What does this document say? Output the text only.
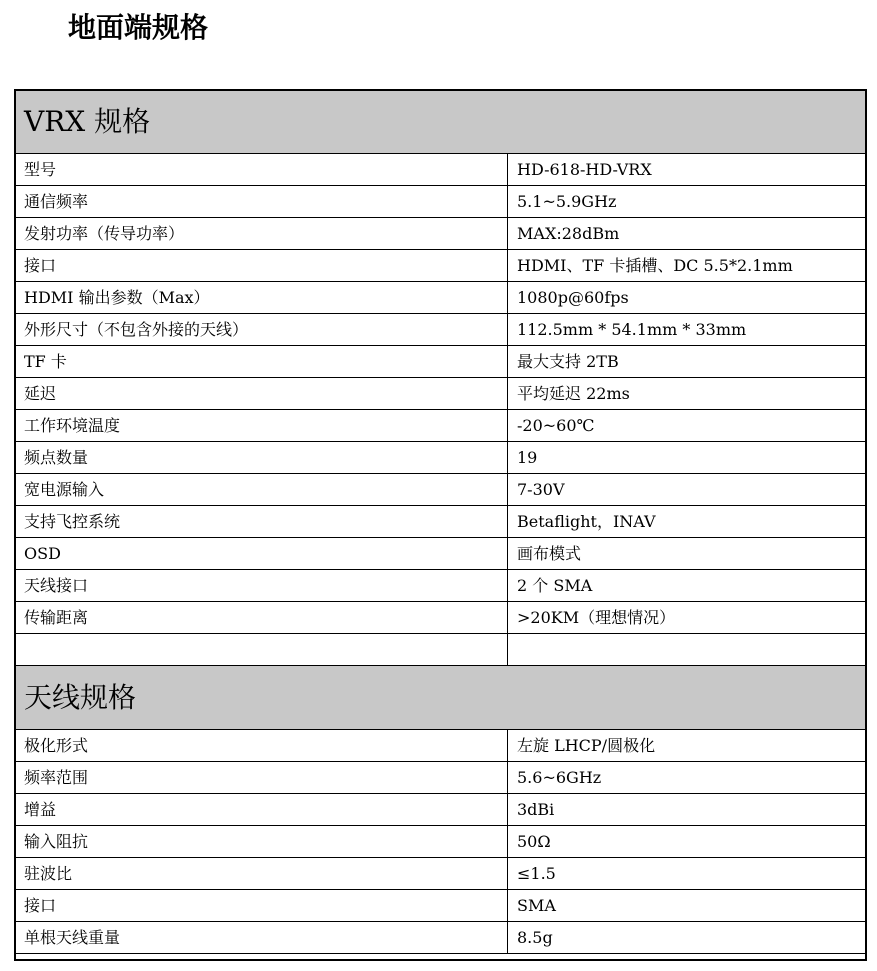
地面端规格
VRX 规格	
型号	HD-618-HD-VRX
通信频率	5.1~5.9GHz
发射功率（传导功率）	MAX:28dBm
接口	HDMI、TF 卡插槽、DC 5.5*2.1mm
HDMI 输出参数（Max）	1080p@60fps
外形尺寸（不包含外接的天线）	112.5mm * 54.1mm * 33mm
TF 卡	最大支持 2TB
延迟	平均延迟 22ms
工作环境温度	-20~60℃
频点数量	19
宽电源输入	7-30V
支持飞控系统	Betaflight，INAV
OSD	画布模式
天线接口	2 个 SMA
传输距离	>20KM（理想情况）

天线规格	
极化形式	左旋 LHCP/圆极化
频率范围	5.6~6GHz
增益	3dBi
输入阻抗	50Ω
驻波比	≤1.5
接口	SMA
单根天线重量	8.5g
